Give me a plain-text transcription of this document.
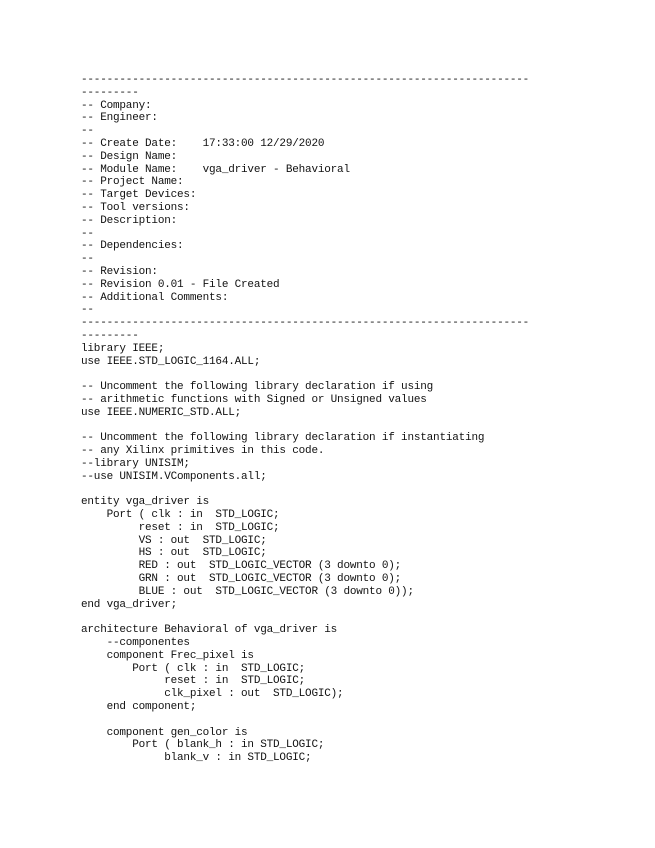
----------------------------------------------------------------------
---------
-- Company:
-- Engineer:
--
-- Create Date:    17:33:00 12/29/2020
-- Design Name:
-- Module Name:    vga_driver - Behavioral
-- Project Name:
-- Target Devices:
-- Tool versions:
-- Description:
--
-- Dependencies:
--
-- Revision:
-- Revision 0.01 - File Created
-- Additional Comments:
--
----------------------------------------------------------------------
---------
library IEEE;
use IEEE.STD_LOGIC_1164.ALL;
-- Uncomment the following library declaration if using
-- arithmetic functions with Signed or Unsigned values
use IEEE.NUMERIC_STD.ALL;
-- Uncomment the following library declaration if instantiating
-- any Xilinx primitives in this code.
--library UNISIM;
--use UNISIM.VComponents.all;
entity vga_driver is
Port ( clk : in  STD_LOGIC;
reset : in  STD_LOGIC;
VS : out  STD_LOGIC;
HS : out  STD_LOGIC;
RED : out  STD_LOGIC_VECTOR (3 downto 0);
GRN : out  STD_LOGIC_VECTOR (3 downto 0);
BLUE : out  STD_LOGIC_VECTOR (3 downto 0));
end vga_driver;
architecture Behavioral of vga_driver is
--componentes
component Frec_pixel is
Port ( clk : in  STD_LOGIC;
reset : in  STD_LOGIC;
clk_pixel : out  STD_LOGIC);
end component;
component gen_color is
Port ( blank_h : in STD_LOGIC;
blank_v : in STD_LOGIC;
